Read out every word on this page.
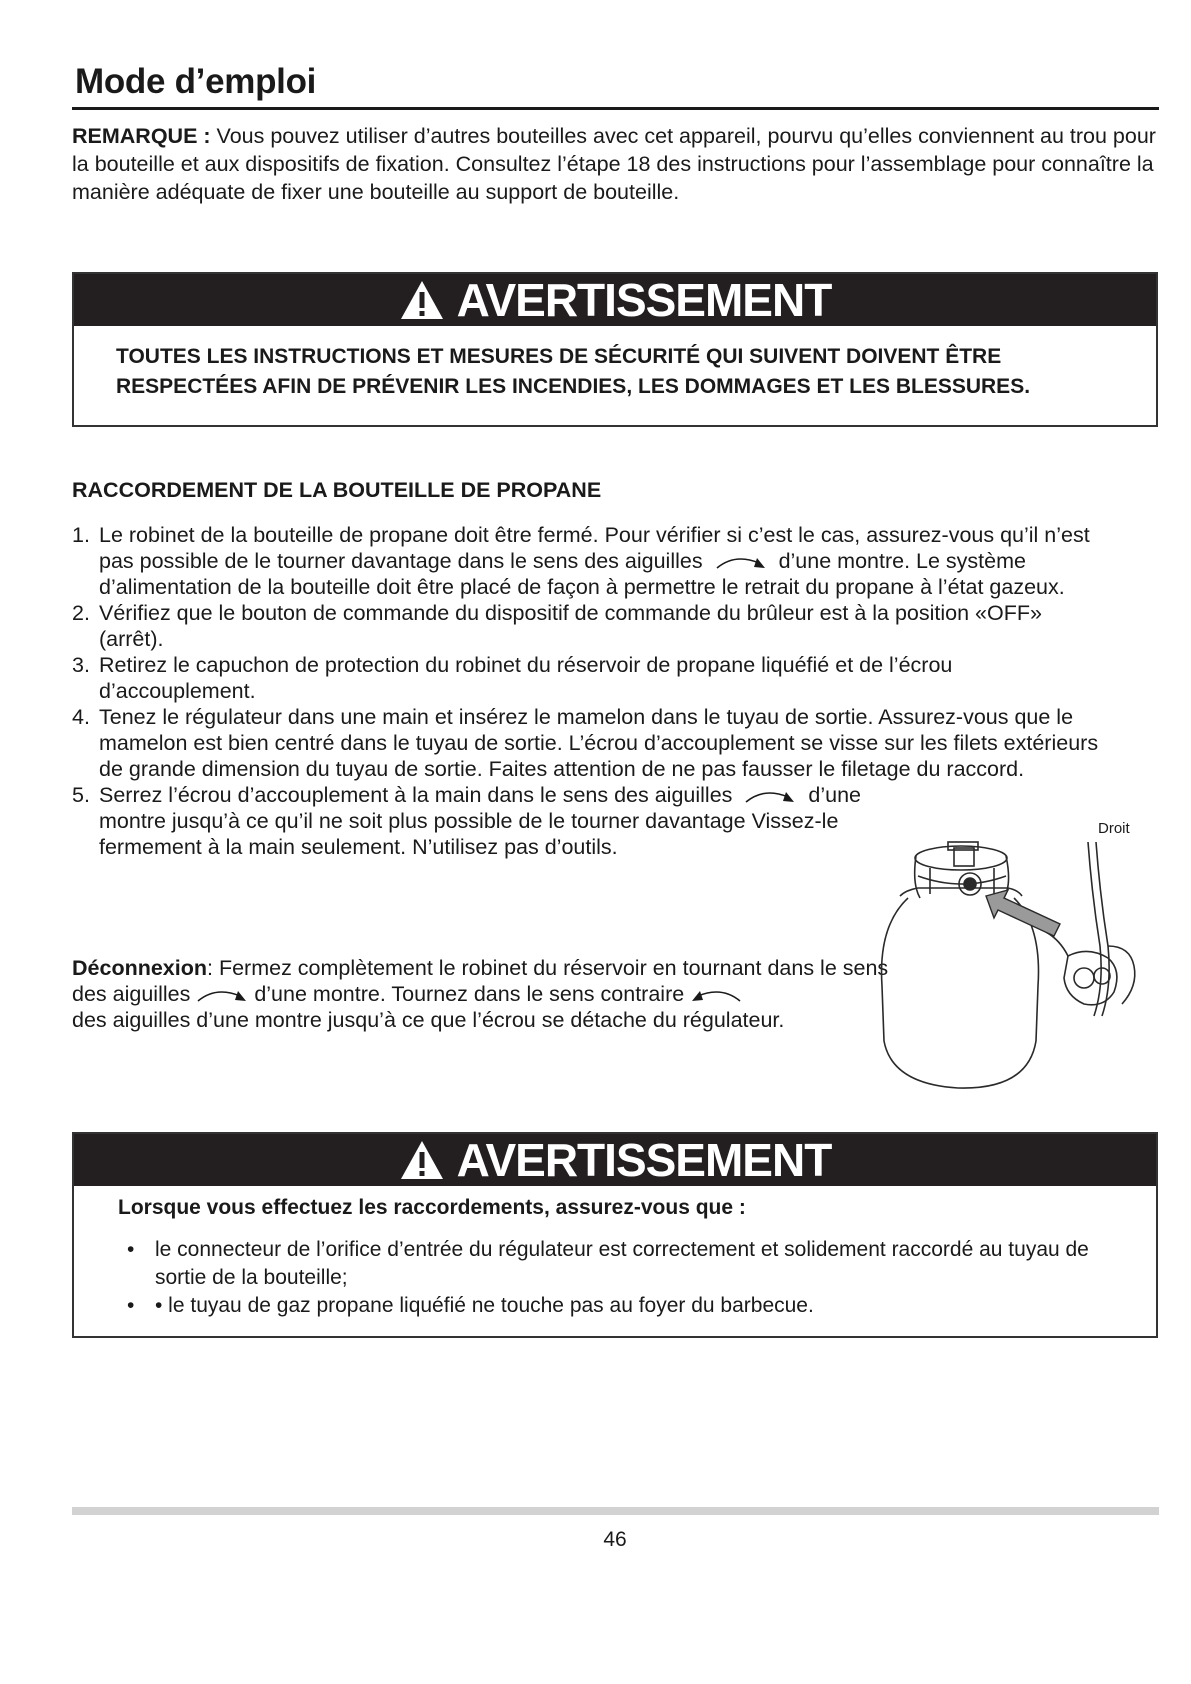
Mode d’emploi
REMARQUE : Vous pouvez utiliser d’autres bouteilles avec cet appareil, pourvu qu’elles conviennent au trou pour la bouteille et aux dispositifs de fixation. Consultez l’étape 18 des instructions pour l’assemblage pour connaître la manière adéquate de fixer une bouteille au support de bouteille.
AVERTISSEMENT
TOUTES LES INSTRUCTIONS ET MESURES DE SÉCURITÉ QUI SUIVENT DOIVENT ÊTRE RESPECTÉES AFIN DE PRÉVENIR LES INCENDIES, LES DOMMAGES ET LES BLESSURES.
RACCORDEMENT DE LA BOUTEILLE DE PROPANE
1. Le robinet de la bouteille de propane doit être fermé. Pour vérifier si c’est le cas, assurez-vous qu’il n’est pas possible de le tourner davantage dans le sens des aiguilles	d’une montre. Le système d’alimentation de la bouteille doit être placé de façon à permettre le retrait du propane à l’état gazeux.
2. Vérifiez que le bouton de commande du dispositif de commande du brûleur est à la position «OFF» (arrêt).
3. Retirez le capuchon de protection du robinet du réservoir de propane liquéfié et de l’écrou d’accouplement.
4. Tenez le régulateur dans une main et insérez le mamelon dans le tuyau de sortie. Assurez-vous que le mamelon est bien centré dans le tuyau de sortie. L’écrou d’accouplement se visse sur les filets extérieurs de grande dimension du tuyau de sortie. Faites attention de ne pas fausser le filetage du raccord.
5. Serrez l’écrou d’accouplement à la main dans le sens des aiguilles	d’une montre jusqu’à ce qu’il ne soit plus possible de le tourner davantage Vissez-le fermement à la main seulement. N’utilisez pas d’outils.
Déconnexion: Fermez complètement le robinet du réservoir en tournant dans le sens des aiguilles	d’une montre. Tournez dans le sens contraire
des aiguilles d’une montre jusqu’à ce que l’écrou se détache du régulateur.
Droit
AVERTISSEMENT
Lorsque vous effectuez les raccordements, assurez-vous que :
• le connecteur de l’orifice d’entrée du régulateur est correctement et solidement raccordé au tuyau de sortie de la bouteille;
• • le tuyau de gaz propane liquéfié ne touche pas au foyer du barbecue.
46
